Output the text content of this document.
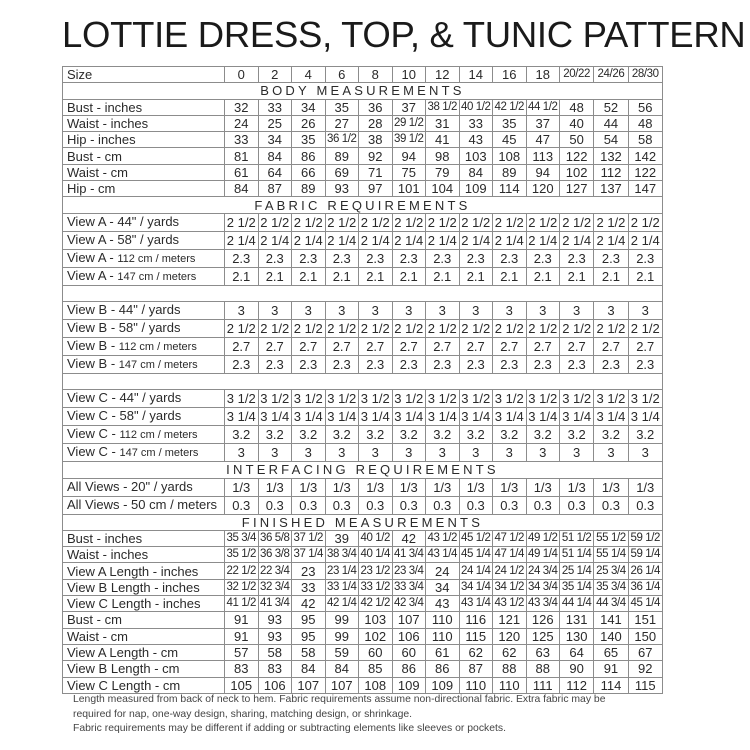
LOTTIE DRESS, TOP, & TUNIC PATTERN
Size	0	2	4	6	8	10	12	14	16	18	20/22	24/26	28/30
BODY MEASUREMENTS													
Bust - inches	32	33	34	35	36	37	38 1/2	40 1/2	42 1/2	44 1/2	48	52	56
Waist - inches	24	25	26	27	28	29 1/2	31	33	35	37	40	44	48
Hip - inches	33	34	35	36 1/2	38	39 1/2	41	43	45	47	50	54	58
Bust - cm	81	84	86	89	92	94	98	103	108	113	122	132	142
Waist - cm	61	64	66	69	71	75	79	84	89	94	102	112	122
Hip - cm	84	87	89	93	97	101	104	109	114	120	127	137	147
FABRIC REQUIREMENTS													
View A - 44" / yards	2 1/2	2 1/2	2 1/2	2 1/2	2 1/2	2 1/2	2 1/2	2 1/2	2 1/2	2 1/2	2 1/2	2 1/2	2 1/2
View A - 58" / yards	2 1/4	2 1/4	2 1/4	2 1/4	2 1/4	2 1/4	2 1/4	2 1/4	2 1/4	2 1/4	2 1/4	2 1/4	2 1/4
View A - 112 cm / meters	2.3	2.3	2.3	2.3	2.3	2.3	2.3	2.3	2.3	2.3	2.3	2.3	2.3
View A - 147 cm / meters	2.1	2.1	2.1	2.1	2.1	2.1	2.1	2.1	2.1	2.1	2.1	2.1	2.1

View B - 44" / yards	3	3	3	3	3	3	3	3	3	3	3	3	3
View B - 58" / yards	2 1/2	2 1/2	2 1/2	2 1/2	2 1/2	2 1/2	2 1/2	2 1/2	2 1/2	2 1/2	2 1/2	2 1/2	2 1/2
View B - 112 cm / meters	2.7	2.7	2.7	2.7	2.7	2.7	2.7	2.7	2.7	2.7	2.7	2.7	2.7
View B - 147 cm / meters	2.3	2.3	2.3	2.3	2.3	2.3	2.3	2.3	2.3	2.3	2.3	2.3	2.3

View C - 44" / yards	3 1/2	3 1/2	3 1/2	3 1/2	3 1/2	3 1/2	3 1/2	3 1/2	3 1/2	3 1/2	3 1/2	3 1/2	3 1/2
View C - 58" / yards	3 1/4	3 1/4	3 1/4	3 1/4	3 1/4	3 1/4	3 1/4	3 1/4	3 1/4	3 1/4	3 1/4	3 1/4	3 1/4
View C - 112 cm / meters	3.2	3.2	3.2	3.2	3.2	3.2	3.2	3.2	3.2	3.2	3.2	3.2	3.2
View C - 147 cm / meters	3	3	3	3	3	3	3	3	3	3	3	3	3
INTERFACING REQUIREMENTS													
All Views - 20" / yards	1/3	1/3	1/3	1/3	1/3	1/3	1/3	1/3	1/3	1/3	1/3	1/3	1/3
All Views - 50 cm / meters	0.3	0.3	0.3	0.3	0.3	0.3	0.3	0.3	0.3	0.3	0.3	0.3	0.3
FINISHED MEASUREMENTS													
Bust - inches	35 3/4	36 5/8	37 1/2	39	40 1/2	42	43 1/2	45 1/2	47 1/2	49 1/2	51 1/2	55 1/2	59 1/2
Waist - inches	35 1/2	36 3/8	37 1/4	38 3/4	40 1/4	41 3/4	43 1/4	45 1/4	47 1/4	49 1/4	51 1/4	55 1/4	59 1/4
View A Length - inches	22 1/2	22 3/4	23	23 1/4	23 1/2	23 3/4	24	24 1/4	24 1/2	24 3/4	25 1/4	25 3/4	26 1/4
View B Length - inches	32 1/2	32 3/4	33	33 1/4	33 1/2	33 3/4	34	34 1/4	34 1/2	34 3/4	35 1/4	35 3/4	36 1/4
View C Length - inches	41 1/2	41 3/4	42	42 1/4	42 1/2	42 3/4	43	43 1/4	43 1/2	43 3/4	44 1/4	44 3/4	45 1/4
Bust - cm	91	93	95	99	103	107	110	116	121	126	131	141	151
Waist - cm	91	93	95	99	102	106	110	115	120	125	130	140	150
View A Length - cm	57	58	58	59	60	60	61	62	62	63	64	65	67
View B Length - cm	83	83	84	84	85	86	86	87	88	88	90	91	92
View C Length - cm	105	106	107	107	108	109	109	110	110	111	112	114	115
Length measured from back of neck to hem. Fabric requirements assume non-directional fabric. Extra fabric may be
required for nap, one-way design, sharing, matching design, or shrinkage.
Fabric requirements may be different if adding or subtracting elements like sleeves or pockets.
